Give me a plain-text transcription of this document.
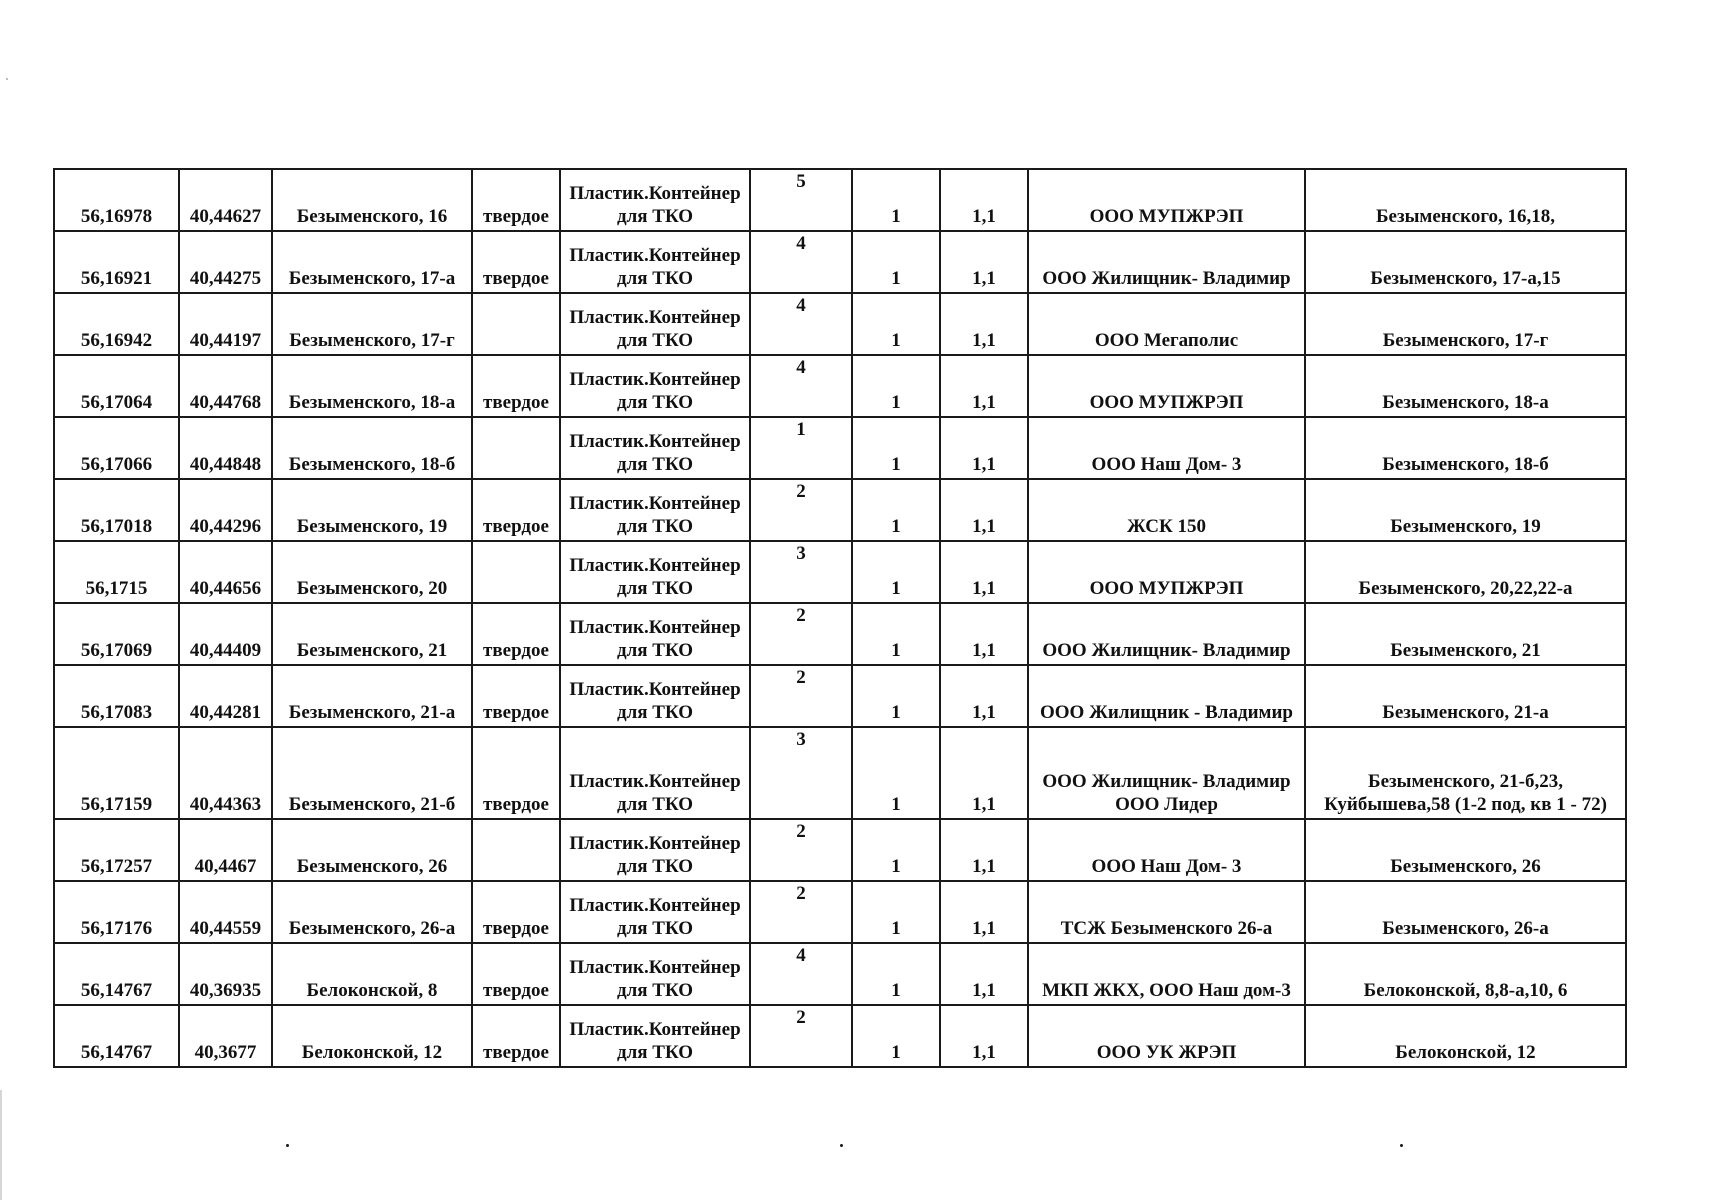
56,16978	40,44627	Безыменского, 16	твердое	Пластик.Контейнер
для ТКО	5	1	1,1	ООО МУПЖРЭП	Безыменского, 16,18,

56,16921	40,44275	Безыменского, 17-а	твердое	Пластик.Контейнер
для ТКО	4	1	1,1	ООО Жилищник- Владимир	Безыменского, 17-а,15

56,16942	40,44197	Безыменского, 17-г		Пластик.Контейнер
для ТКО	4	1	1,1	ООО Мегаполис	Безыменского, 17-г

56,17064	40,44768	Безыменского, 18-а	твердое	Пластик.Контейнер
для ТКО	4	1	1,1	ООО МУПЖРЭП	Безыменского, 18-а

56,17066	40,44848	Безыменского, 18-б		Пластик.Контейнер
для ТКО	1	1	1,1	ООО Наш Дом- 3	Безыменского, 18-б

56,17018	40,44296	Безыменского, 19	твердое	Пластик.Контейнер
для ТКО	2	1	1,1	ЖСК 150	Безыменского, 19

56,1715	40,44656	Безыменского, 20		Пластик.Контейнер
для ТКО	3	1	1,1	ООО МУПЖРЭП	Безыменского, 20,22,22-а

56,17069	40,44409	Безыменского, 21	твердое	Пластик.Контейнер
для ТКО	2	1	1,1	ООО Жилищник- Владимир	Безыменского, 21

56,17083	40,44281	Безыменского, 21-а	твердое	Пластик.Контейнер
для ТКО	2	1	1,1	ООО Жилищник - Владимир	Безыменского, 21-а

56,17159	40,44363	Безыменского, 21-б	твердое	Пластик.Контейнер
для ТКО	3	1	1,1	ООО Жилищник- Владимир
ООО Лидер	Безыменского, 21-б,23,
Куйбышева,58 (1-2 под, кв 1 - 72)

56,17257	40,4467	Безыменского, 26		Пластик.Контейнер
для ТКО	2	1	1,1	ООО Наш Дом- 3	Безыменского, 26

56,17176	40,44559	Безыменского, 26-а	твердое	Пластик.Контейнер
для ТКО	2	1	1,1	ТСЖ Безыменского 26-а	Безыменского, 26-а

56,14767	40,36935	Белоконской, 8	твердое	Пластик.Контейнер
для ТКО	4	1	1,1	МКП ЖКХ, ООО Наш дом-3	Белоконской, 8,8-а,10, 6

56,14767	40,3677	Белоконской, 12	твердое	Пластик.Контейнер
для ТКО	2	1	1,1	ООО УК ЖРЭП	Белоконской, 12
